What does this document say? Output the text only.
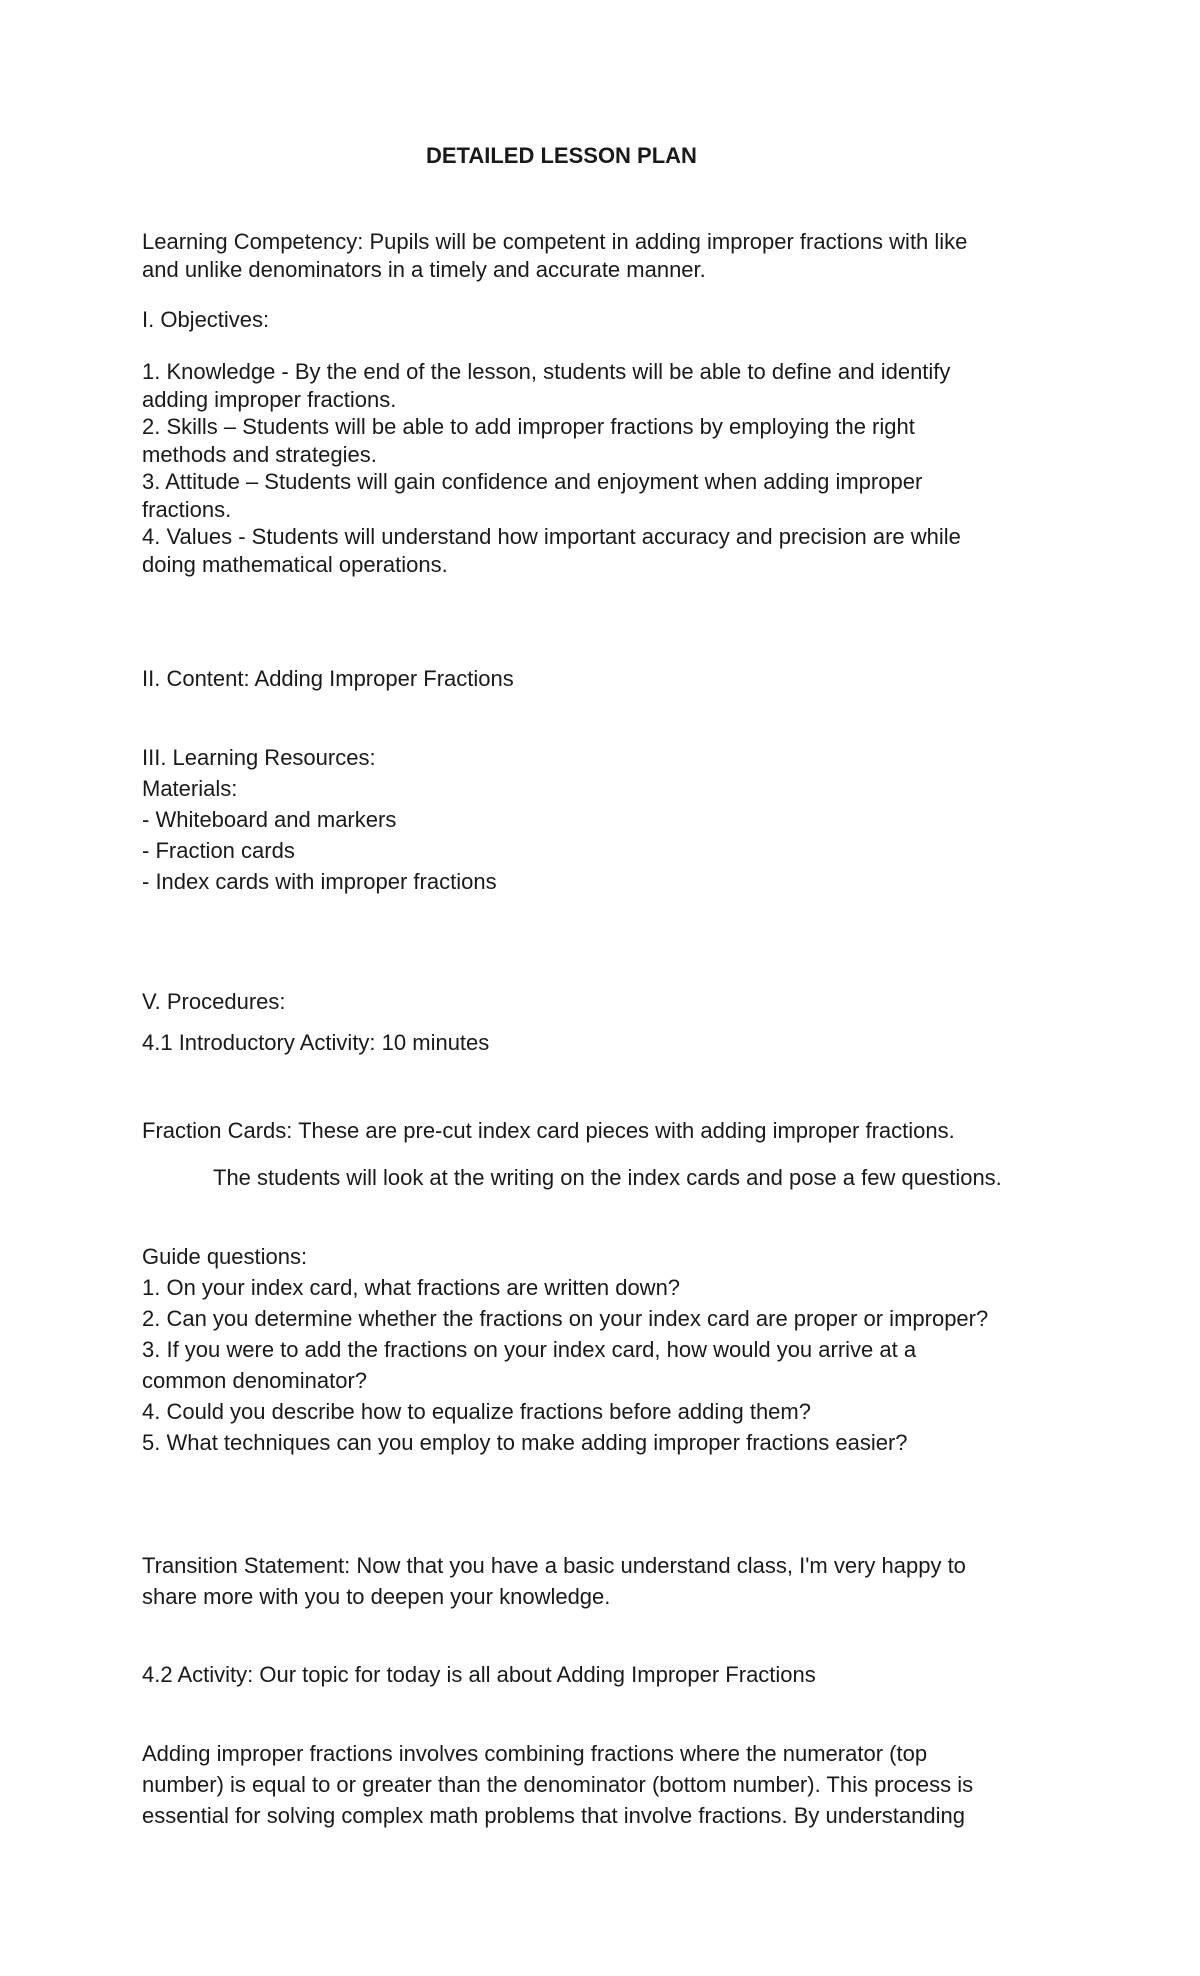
DETAILED LESSON PLAN
Learning Competency: Pupils will be competent in adding improper fractions with like
and unlike denominators in a timely and accurate manner.
I. Objectives:
1. Knowledge - By the end of the lesson, students will be able to define and identify
adding improper fractions.
2. Skills – Students will be able to add improper fractions by employing the right
methods and strategies.
3. Attitude – Students will gain confidence and enjoyment when adding improper
fractions.
4. Values - Students will understand how important accuracy and precision are while
doing mathematical operations.
II. Content: Adding Improper Fractions
III. Learning Resources:
Materials:
- Whiteboard and markers
- Fraction cards
- Index cards with improper fractions
V. Procedures:
4.1 Introductory Activity: 10 minutes
Fraction Cards: These are pre-cut index card pieces with adding improper fractions.
The students will look at the writing on the index cards and pose a few questions.
Guide questions:
1. On your index card, what fractions are written down?
2. Can you determine whether the fractions on your index card are proper or improper?
3. If you were to add the fractions on your index card, how would you arrive at a
common denominator?
4. Could you describe how to equalize fractions before adding them?
5. What techniques can you employ to make adding improper fractions easier?
Transition Statement: Now that you have a basic understand class, I'm very happy to
share more with you to deepen your knowledge.
4.2 Activity: Our topic for today is all about Adding Improper Fractions
Adding improper fractions involves combining fractions where the numerator (top
number) is equal to or greater than the denominator (bottom number). This process is
essential for solving complex math problems that involve fractions. By understanding
